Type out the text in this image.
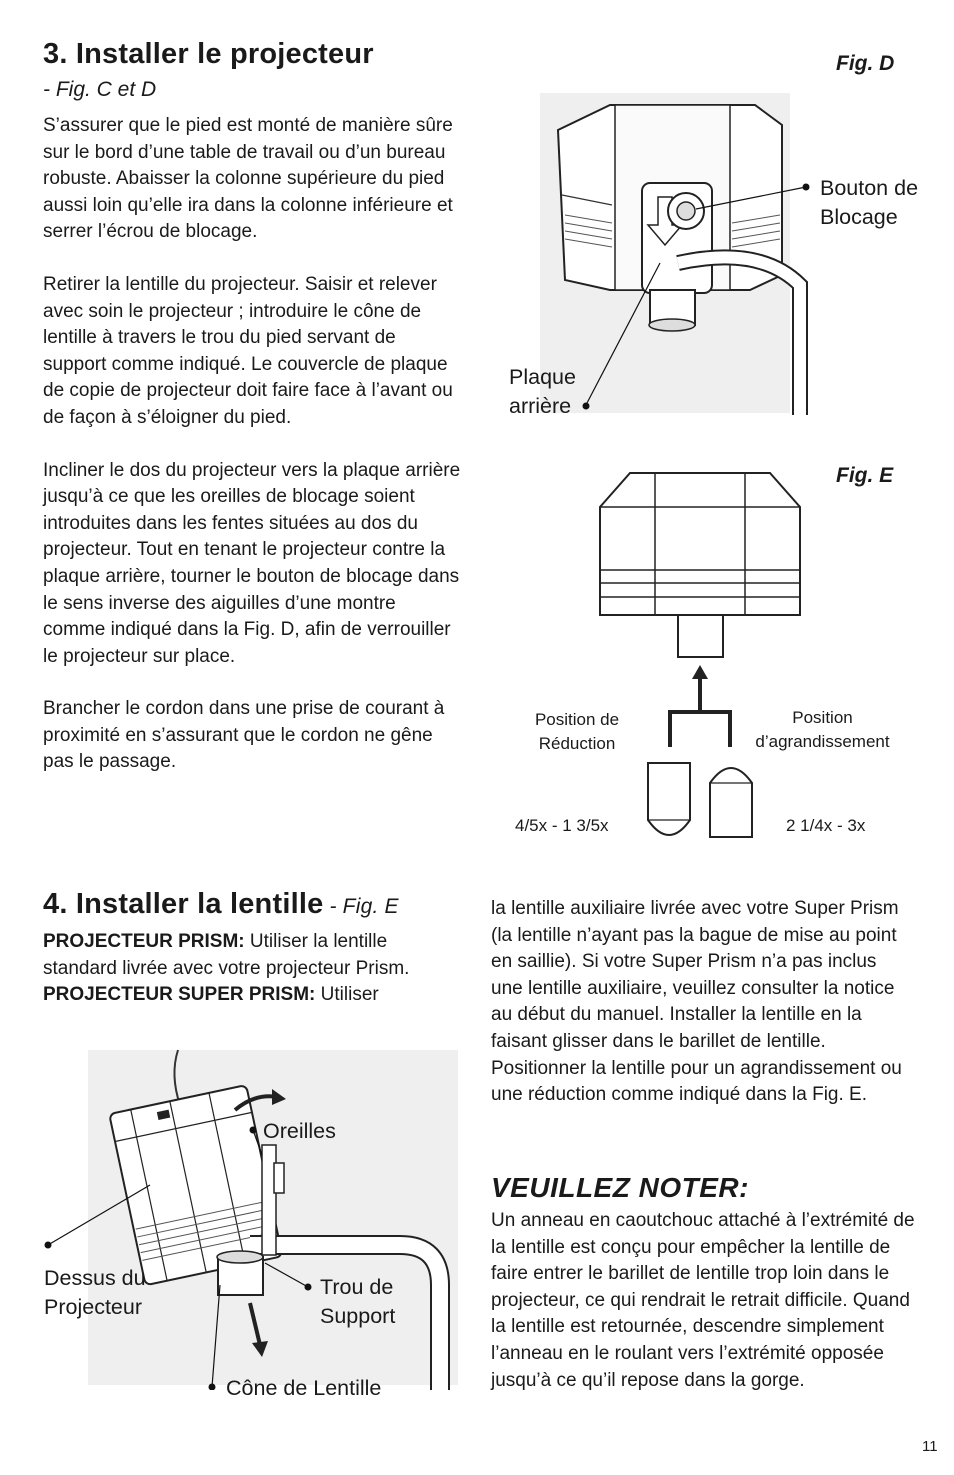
3. Installer le projecteur
- Fig. C et D

S’assurer que le pied est monté de manière sûre sur le bord d’une table de travail ou d’un bureau robuste. Abaisser la colonne supérieure du pied aussi loin qu’elle ira dans la colonne inférieure et serrer l’écrou de blocage.

Retirer la lentille du projecteur. Saisir et relever avec soin le projecteur ; introduire le cône de lentille à travers le trou du pied servant de support comme indiqué. Le couvercle de plaque de copie de projecteur doit faire face à l’avant ou de façon à s’éloigner du pied.

Incliner le dos du projecteur vers la plaque arrière jusqu’à ce que les oreilles de blocage soient introduites dans les fentes situées au dos du projecteur. Tout en tenant le projecteur contre la plaque arrière, tourner le bouton de blocage dans le sens inverse des aiguilles d’une montre comme indiqué dans la Fig. D, afin de verrouiller le projecteur sur place.

Brancher le cordon dans une prise de courant à proximité en s’assurant que le cordon ne gêne pas le passage.

Fig. D
Bouton de Blocage
Plaque arrière
Fig. E
Position de Réduction
Position d’agrandissement
4/5x - 1 3/5x	2 1/4x - 3x
4. Installer la lentille - Fig. E
PROJECTEUR PRISM: Utiliser la lentille standard livrée avec votre projecteur Prism.
PROJECTEUR SUPER PRISM: Utiliser
la lentille auxiliaire livrée avec votre Super Prism (la lentille n’ayant pas la bague de mise au point en saillie). Si votre Super Prism n’a pas inclus une lentille auxiliaire, veuillez consulter la notice au début du manuel. Installer la lentille en la faisant glisser dans le barillet de lentille. Positionner la lentille pour un agrandissement ou une réduction comme indiqué dans la Fig. E.
VEUILLEZ NOTER:
Un anneau en caoutchouc attaché à l’extrémité de la lentille est conçu pour empêcher la lentille de faire entrer le barillet de lentille trop loin dans le projecteur, ce qui rendrait le retrait difficile. Quand la lentille est retournée, descendre simplement l’anneau en le roulant vers l’extrémité opposée jusqu’à ce qu’il repose dans la gorge.
Oreilles
Dessus du Projecteur
Trou de Support
Cône de Lentille
11
